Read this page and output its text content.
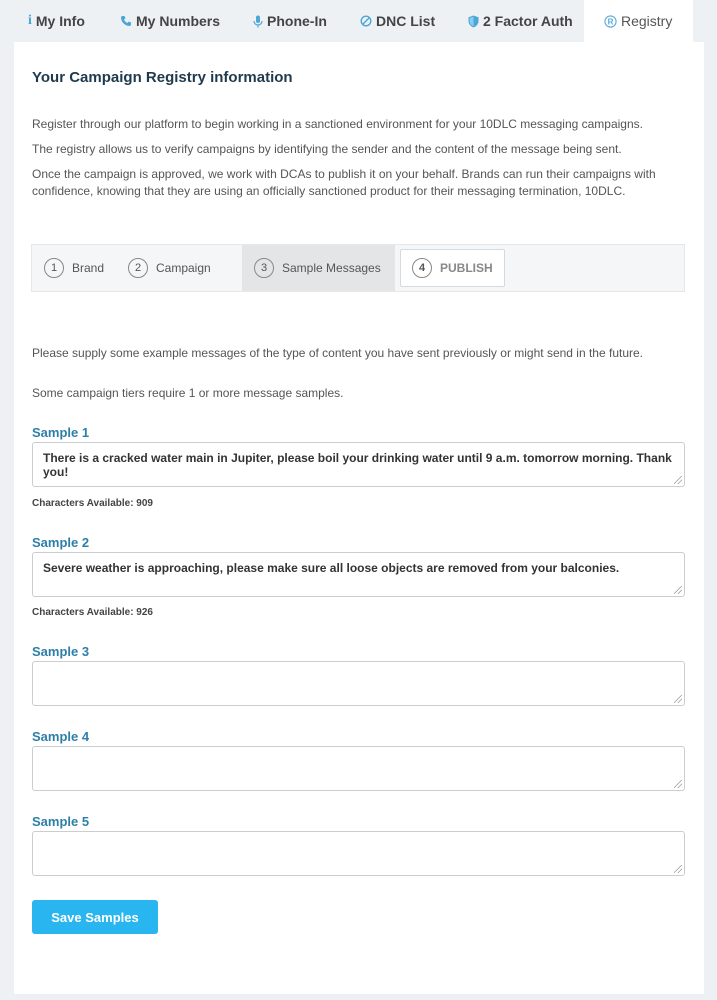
i My Info	My Numbers	Phone-In	DNC List	2 Factor Auth	R Registry
Your Campaign Registry information
Register through our platform to begin working in a sanctioned environment for your 10DLC messaging campaigns.
The registry allows us to verify campaigns by identifying the sender and the content of the message being sent.
Once the campaign is approved, we work with DCAs to publish it on your behalf. Brands can run their campaigns with confidence, knowing that they are using an officially sanctioned product for their messaging termination, 10DLC.
1	Brand	2	Campaign	3	Sample Messages	4	PUBLISH
Please supply some example messages of the type of content you have sent previously or might send in the future.
Some campaign tiers require 1 or more message samples.
Sample 1
There is a cracked water main in Jupiter, please boil your drinking water until 9 a.m. tomorrow morning. Thank you!
Characters Available: 909
Sample 2
Severe weather is approaching, please make sure all loose objects are removed from your balconies.
Characters Available: 926
Sample 3
Sample 4
Sample 5
Save Samples
